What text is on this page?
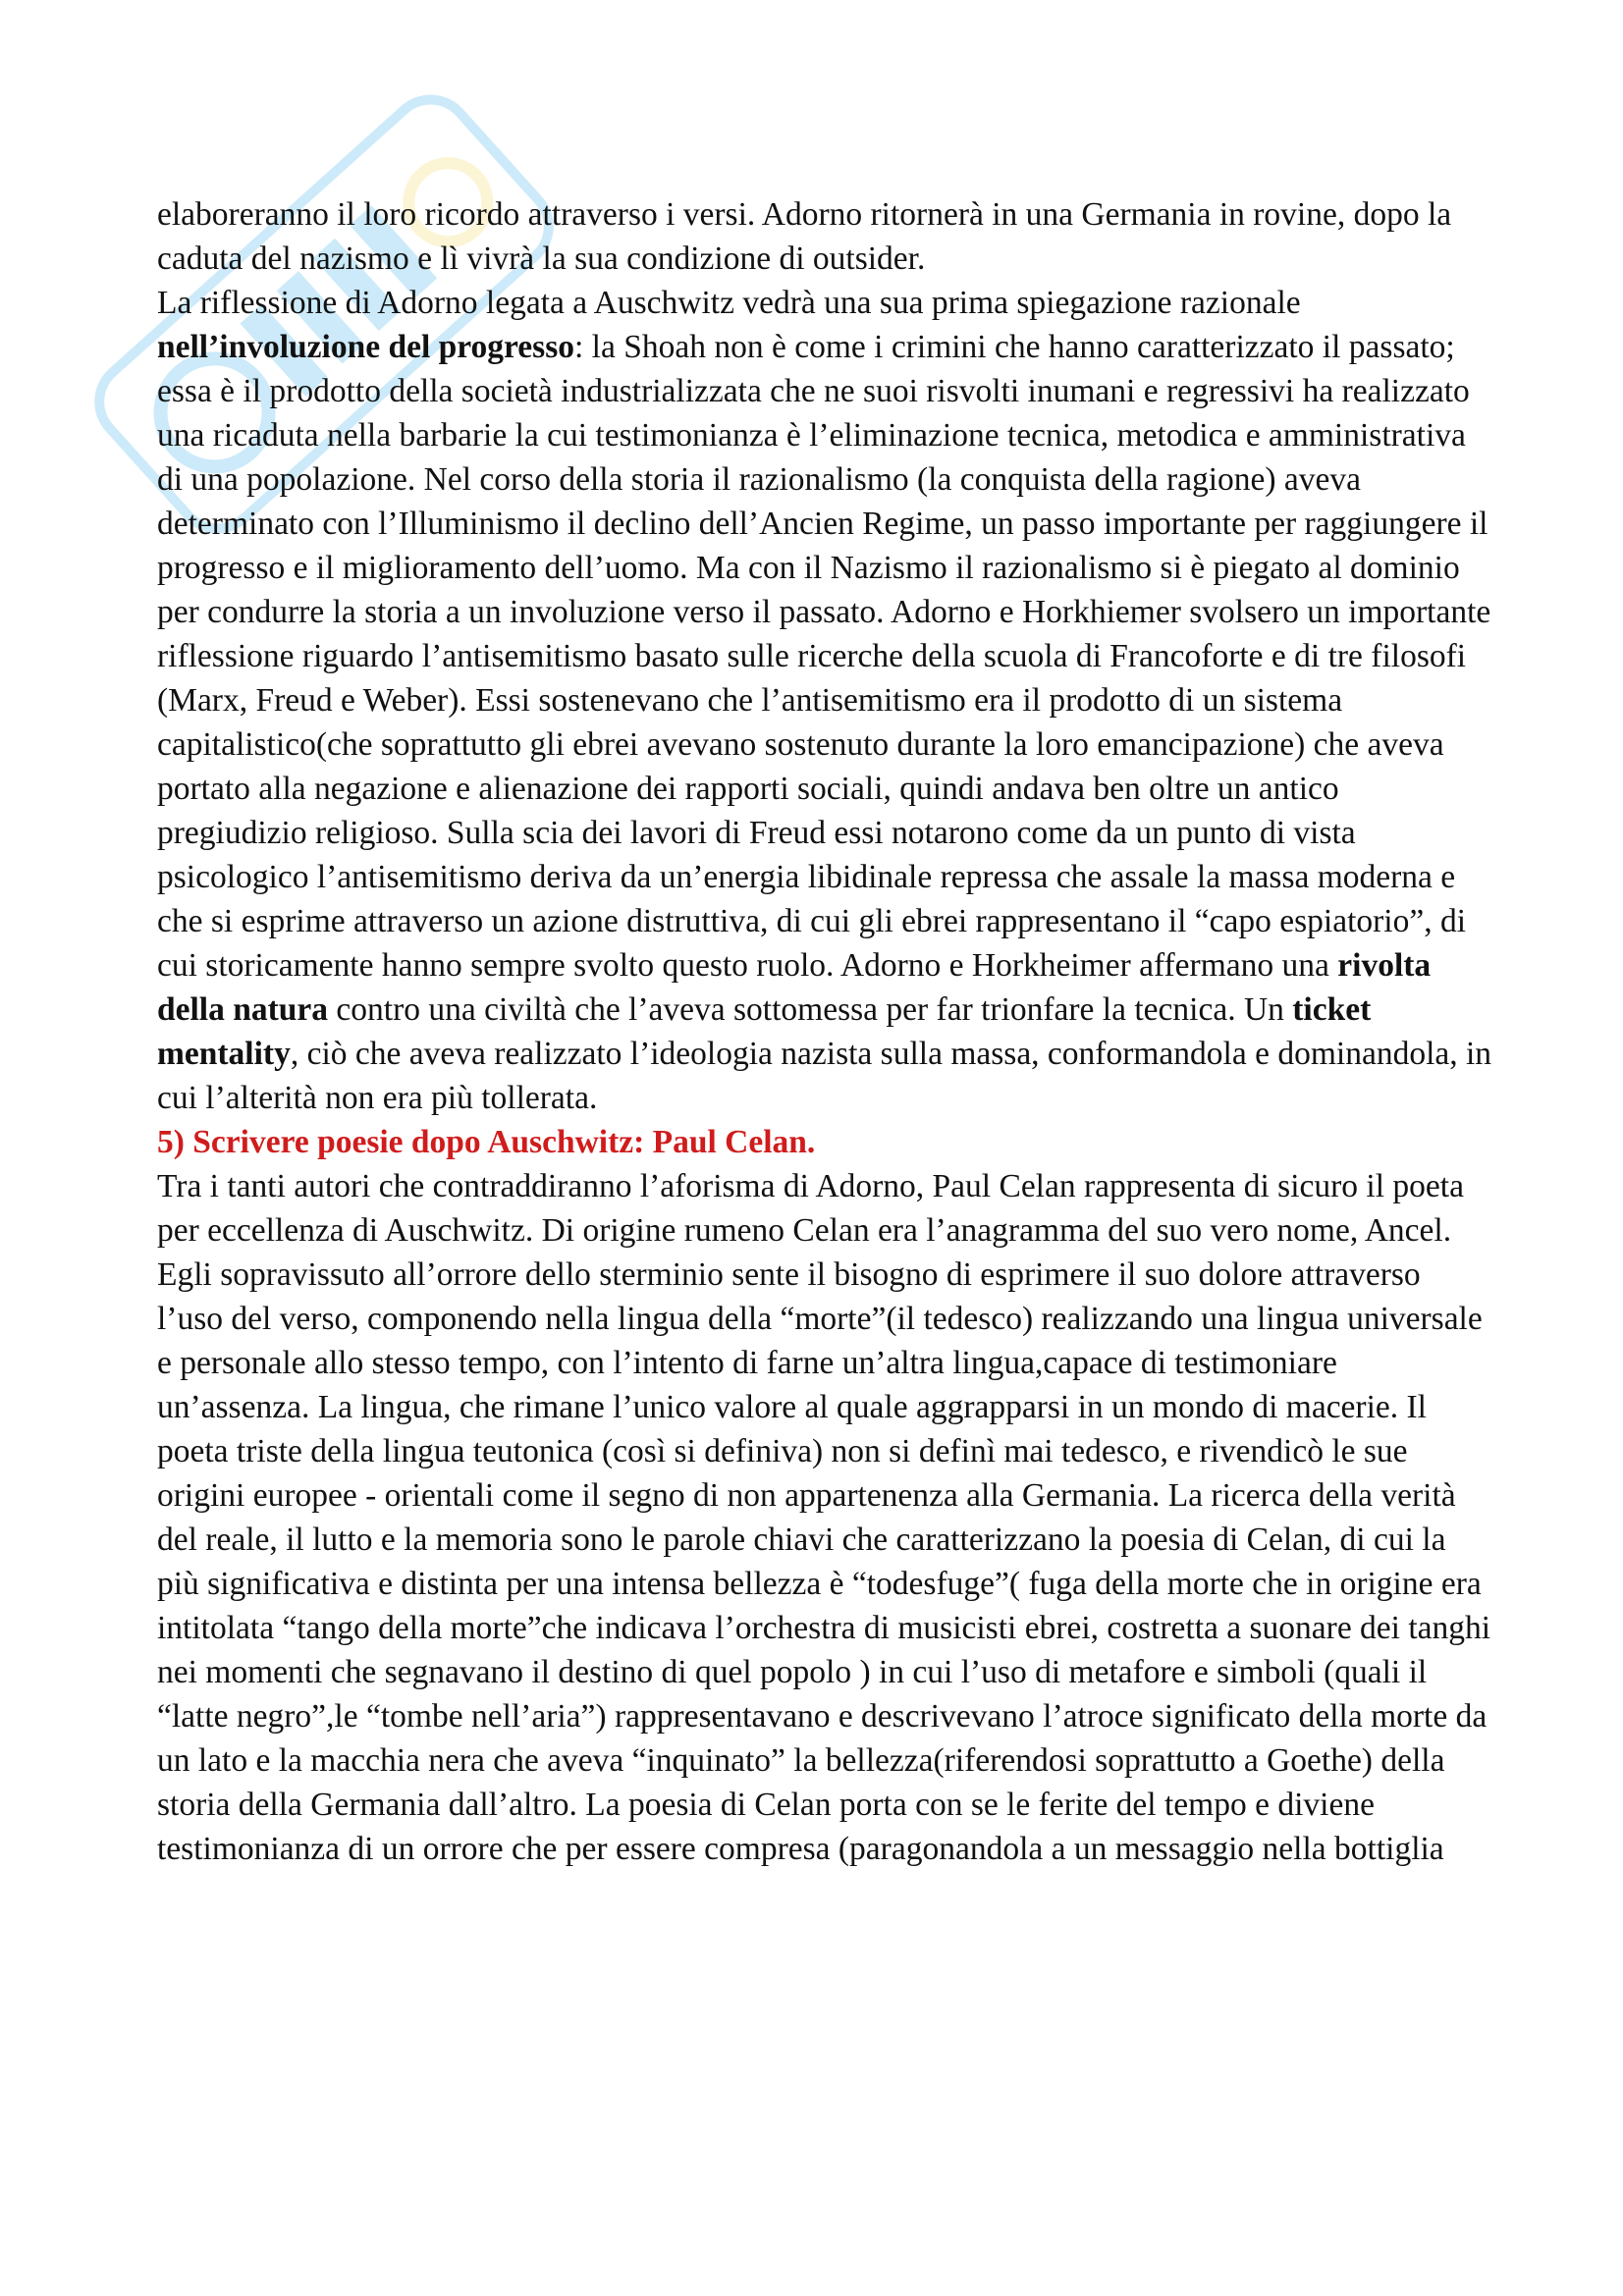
elaboreranno il loro ricordo attraverso i versi. Adorno ritornerà in una Germania in rovine, dopo la caduta del nazismo e lì vivrà la sua condizione di outsider.

La riflessione di Adorno legata a Auschwitz vedrà una sua prima spiegazione razionale nell’involuzione del progresso: la Shoah non è come i crimini che hanno caratterizzato il passato; essa è il prodotto della società industrializzata che ne suoi risvolti inumani e regressivi ha realizzato una ricaduta nella barbarie la cui testimonianza è l’eliminazione tecnica, metodica e amministrativa di una popolazione. Nel corso della storia il razionalismo (la conquista della ragione) aveva determinato con l’Illuminismo il declino dell’Ancien Regime, un passo importante per raggiungere il progresso e il miglioramento dell’uomo. Ma con il Nazismo il razionalismo si è piegato al dominio per condurre la storia a un involuzione verso il passato. Adorno e Horkhiemer svolsero un importante riflessione riguardo l’antisemitismo basato sulle ricerche della scuola di Francoforte e di tre filosofi (Marx, Freud e Weber). Essi sostenevano che l’antisemitismo era il prodotto di un sistema capitalistico(che soprattutto gli ebrei avevano sostenuto durante la loro emancipazione) che aveva portato alla negazione e alienazione dei rapporti sociali, quindi andava ben oltre un antico pregiudizio religioso. Sulla scia dei lavori di Freud essi notarono come da un punto di vista psicologico l’antisemitismo deriva da un’energia libidinale repressa che assale la massa moderna e che si esprime attraverso un azione distruttiva, di cui gli ebrei rappresentano il “capo espiatorio”, di cui storicamente hanno sempre svolto questo ruolo. Adorno e Horkheimer affermano una rivolta della natura contro una civiltà che l’aveva sottomessa per far trionfare la tecnica. Un ticket mentality, ciò che aveva realizzato l’ideologia nazista sulla massa, conformandola e dominandola, in cui l’alterità non era più tollerata.

5) Scrivere poesie dopo Auschwitz: Paul Celan.

Tra i tanti autori che contraddiranno l’aforisma di Adorno, Paul Celan rappresenta di sicuro il poeta per eccellenza di Auschwitz. Di origine rumeno Celan era l’anagramma del suo vero nome, Ancel. Egli sopravissuto all’orrore dello sterminio sente il bisogno di esprimere il suo dolore attraverso l’uso del verso, componendo nella lingua della “morte”(il tedesco) realizzando una lingua universale e personale allo stesso tempo, con l’intento di farne un’altra lingua,capace di testimoniare un’assenza. La lingua, che rimane l’unico valore al quale aggrapparsi in un mondo di macerie. Il poeta triste della lingua teutonica (così si definiva) non si definì mai tedesco, e rivendicò le sue origini europee - orientali come il segno di non appartenenza alla Germania. La ricerca della verità del reale, il lutto e la memoria sono le parole chiavi che caratterizzano la poesia di Celan, di cui la più significativa e distinta per una intensa bellezza è “todesfuge”( fuga della morte che in origine era intitolata “tango della morte”che indicava l’orchestra di musicisti ebrei, costretta a suonare dei tanghi nei momenti che segnavano il destino di quel popolo ) in cui l’uso di metafore e simboli (quali il “latte negro”,le “tombe nell’aria”) rappresentavano e descrivevano l’atroce significato della morte da un lato e la macchia nera che aveva “inquinato” la bellezza(riferendosi soprattutto a Goethe) della storia della Germania dall’altro. La poesia di Celan porta con se le ferite del tempo e diviene testimonianza di un orrore che per essere compresa (paragonandola a un messaggio nella bottiglia
